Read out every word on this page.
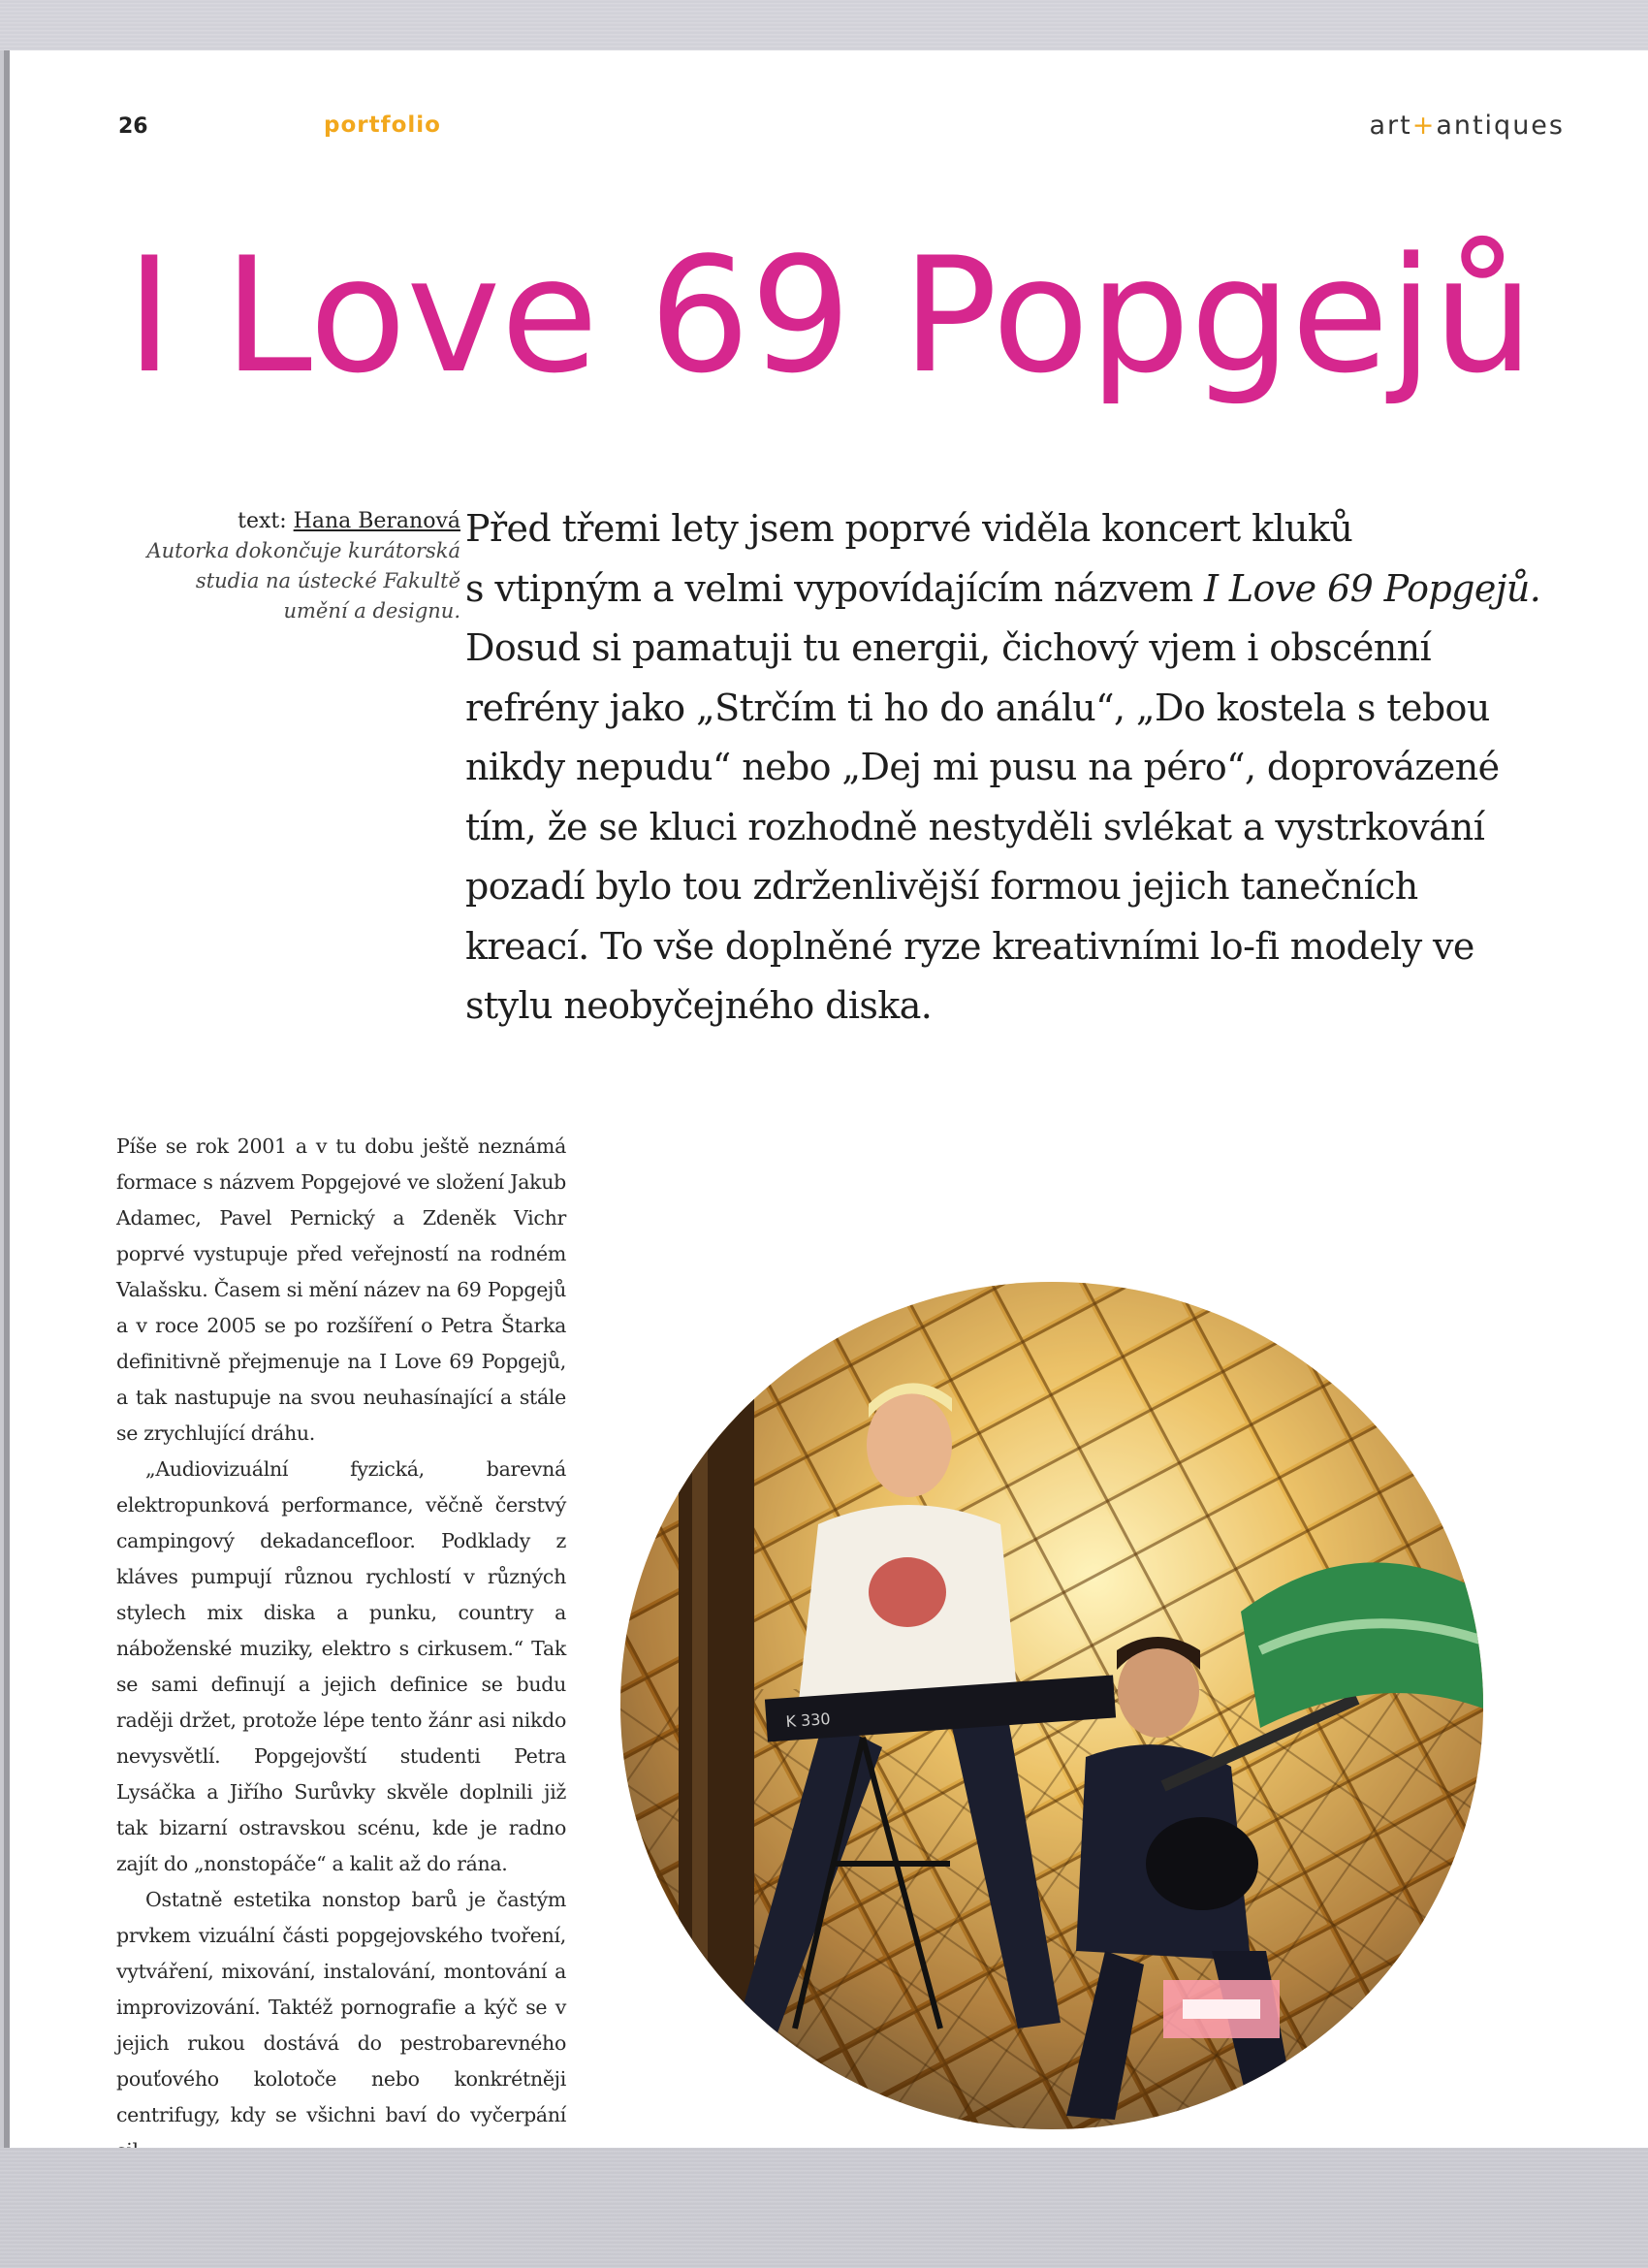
26	portfolio	art+antiques
I Love 69 Popgejů
text: Hana Beranová
Autorka dokončuje kurátorská studia na ústecké Fakultě umění a designu.

Před třemi lety jsem poprvé viděla koncert kluků
s vtipným a velmi vypovídajícím názvem I Love 69 Popgejů.
Dosud si pamatuji tu energii, čichový vjem i obscénní
refrény jako „Strčím ti ho do análu“, „Do kostela s tebou
nikdy nepudu“ nebo „Dej mi pusu na péro“, doprovázené
tím, že se kluci rozhodně nestyděli svlékat a vystrkování
pozadí bylo tou zdrženlivější formou jejich tanečních
kreací. To vše doplněné ryze kreativními lo-fi modely ve
stylu neobyčejného diska.

Píše se rok 2001 a v tu dobu ještě neznámá formace s názvem Popgejové ve složení Jakub Adamec, Pavel Pernický a Zdeněk Vichr poprvé vystupuje před veřejností na rodném Valašsku. Časem si mění název na 69 Popgejů a v roce 2005 se po rozšíření o Petra Štarka definitivně přejmenuje na I Love 69 Popgejů, a tak nastupuje na svou neuhasínající a stále se zrychlující dráhu.

„Audiovizuální fyzická, barevná elektropunková performance, věčně čerstvý campingový dekadancefloor. Podklady z kláves pumpují různou rychlostí v různých stylech mix diska a punku, country a náboženské muziky, elektro s cirkusem.“ Tak se sami definují a jejich definice se budu raději držet, protože lépe tento žánr asi nikdo nevysvětlí. Popgejovští studenti Petra Lysáčka a Jiřího Surůvky skvěle doplnili již tak bizarní ostravskou scénu, kde je radno zajít do „nonstopáče“ a kalit až do rána.

Ostatně estetika nonstop barů je častým prvkem vizuální části popgejovského tvoření, vytváření, mixování, instalování, montování a improvizování. Taktéž pornografie a kýč se v jejich rukou dostává do pestrobarevného pouťového kolotoče nebo konkrétněji centrifugy, kdy se všichni baví do vyčerpání

K 330
